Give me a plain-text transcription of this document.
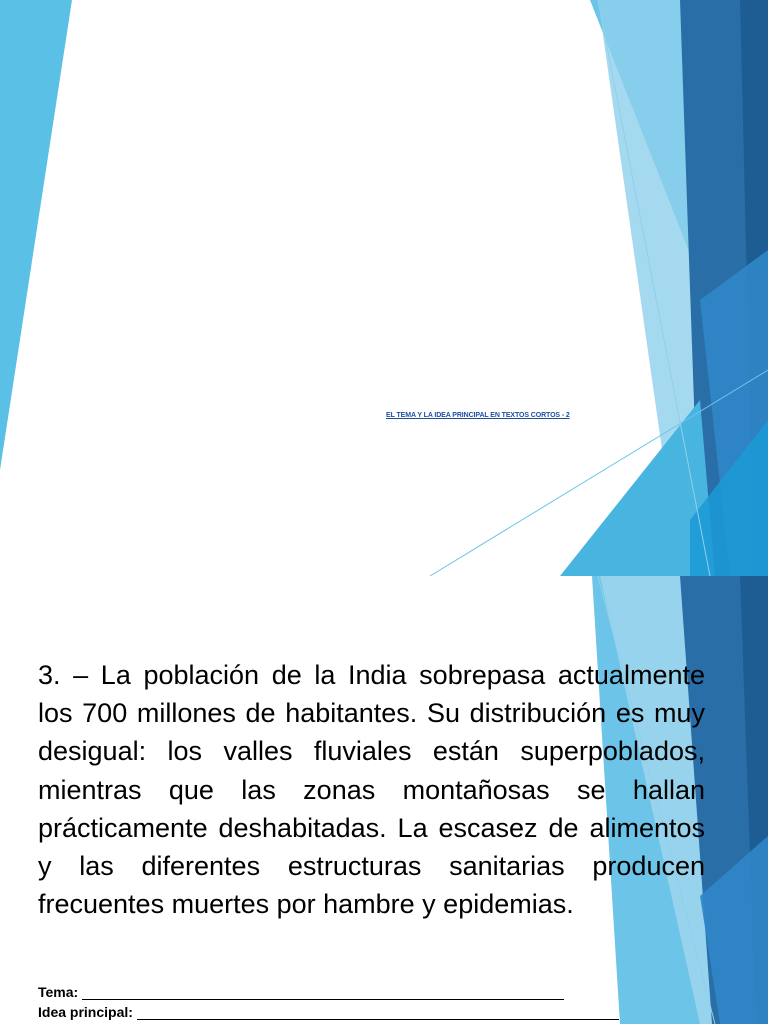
EL TEMA Y LA IDEA PRINCIPAL EN TEXTOS CORTOS - 2

3. – La población de la India sobrepasa actualmente los 700 millones de habitantes. Su distribución es muy desigual: los valles fluviales están superpoblados, mientras que las zonas montañosas se hallan prácticamente deshabitadas. La escasez de alimentos y las diferentes estructuras sanitarias producen frecuentes muertes por hambre y epidemias.

Tema:
Idea principal:
